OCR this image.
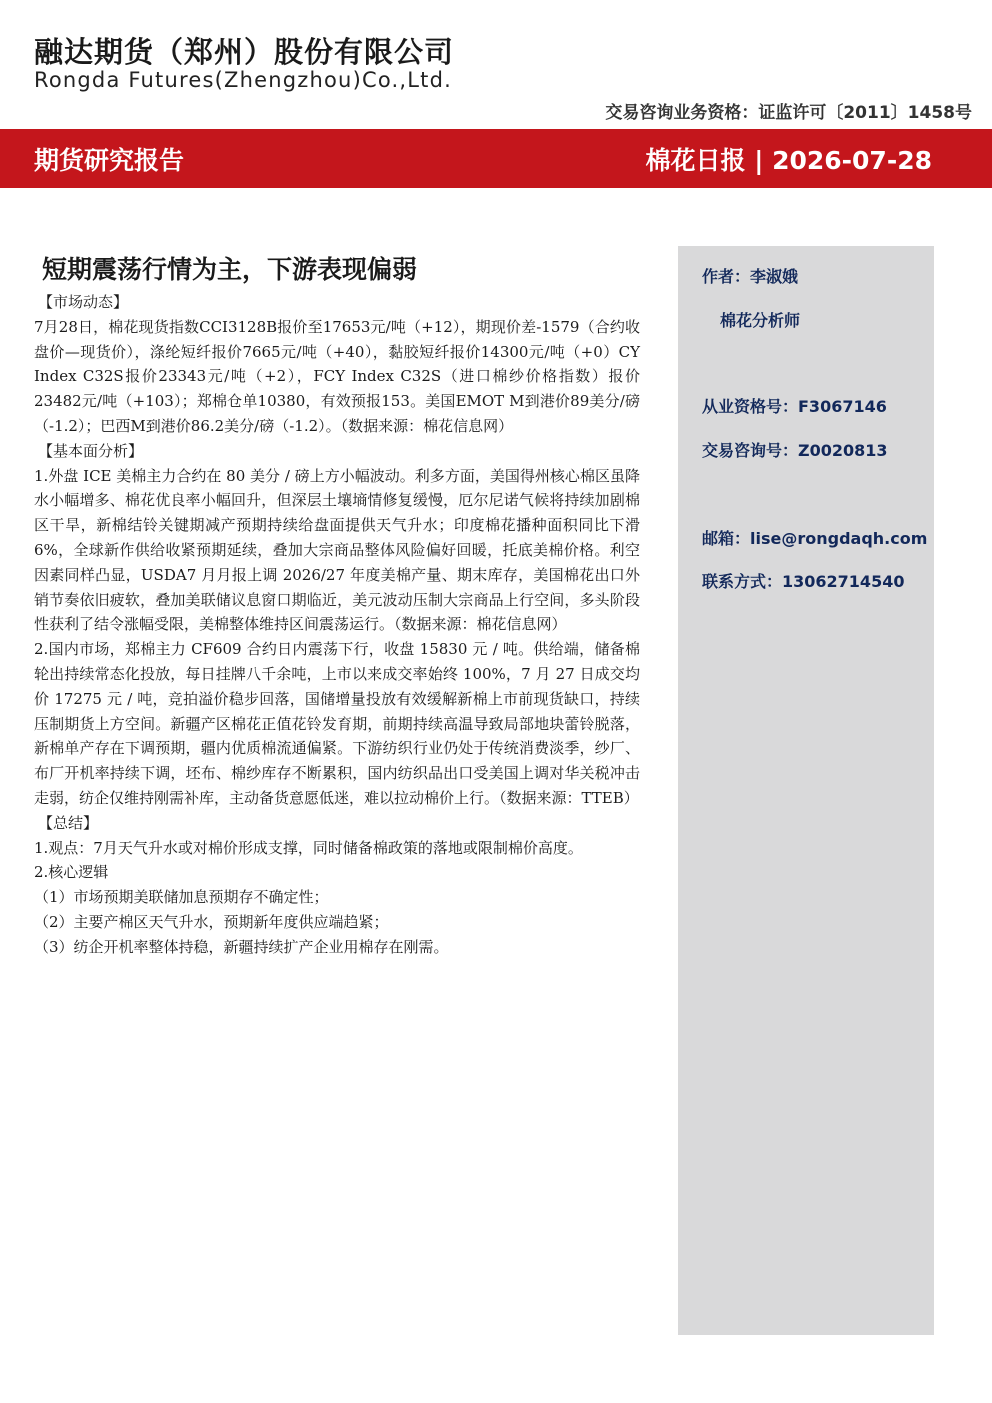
融达期货（郑州）股份有限公司
Rongda Futures(Zhengzhou)Co.,Ltd.
交易咨询业务资格：证监许可〔2011〕1458号
期货研究报告	棉花日报 | 2026-07-28
短期震荡行情为主，下游表现偏弱
【市场动态】
7月28日，棉花现货指数CCI3128B报价至17653元/吨（+12），期现价差-1579（合约收盘价—现货价），涤纶短纤报价7665元/吨（+40），黏胶短纤报价14300元/吨（+0）CY Index C32S报价23343元/吨（+2），FCY Index C32S（进口棉纱价格指数）报价23482元/吨（+103）；郑棉仓单10380，有效预报153。美国EMOT M到港价89美分/磅（-1.2）；巴西M到港价86.2美分/磅（-1.2）。（数据来源：棉花信息网）
【基本面分析】
1.外盘 ICE 美棉主力合约在 80 美分 / 磅上方小幅波动。利多方面，美国得州核心棉区虽降水小幅增多、棉花优良率小幅回升，但深层土壤墒情修复缓慢，厄尔尼诺气候将持续加剧棉区干旱，新棉结铃关键期减产预期持续给盘面提供天气升水；印度棉花播种面积同比下滑 6%，全球新作供给收紧预期延续，叠加大宗商品整体风险偏好回暖，托底美棉价格。利空因素同样凸显，USDA7 月月报上调 2026/27 年度美棉产量、期末库存，美国棉花出口外销节奏依旧疲软，叠加美联储议息窗口期临近，美元波动压制大宗商品上行空间，多头阶段性获利了结令涨幅受限，美棉整体维持区间震荡运行。（数据来源：棉花信息网）
2.国内市场，郑棉主力 CF609 合约日内震荡下行，收盘 15830 元 / 吨。供给端，储备棉轮出持续常态化投放，每日挂牌八千余吨，上市以来成交率始终 100%，7 月 27 日成交均价 17275 元 / 吨，竞拍溢价稳步回落，国储增量投放有效缓解新棉上市前现货缺口，持续压制期货上方空间。新疆产区棉花正值花铃发育期，前期持续高温导致局部地块蕾铃脱落，新棉单产存在下调预期，疆内优质棉流通偏紧。下游纺织行业仍处于传统消费淡季，纱厂、布厂开机率持续下调，坯布、棉纱库存不断累积，国内纺织品出口受美国上调对华关税冲击走弱，纺企仅维持刚需补库，主动备货意愿低迷，难以拉动棉价上行。（数据来源：TTEB）
【总结】
1.观点：7月天气升水或对棉价形成支撑，同时储备棉政策的落地或限制棉价高度。
2.核心逻辑
（1）市场预期美联储加息预期存不确定性；
（2）主要产棉区天气升水，预期新年度供应端趋紧；
（3）纺企开机率整体持稳，新疆持续扩产企业用棉存在刚需。
作者：李淑娥
棉花分析师
从业资格号：F3067146
交易咨询号：Z0020813
邮箱：lise@rongdaqh.com
联系方式：13062714540
